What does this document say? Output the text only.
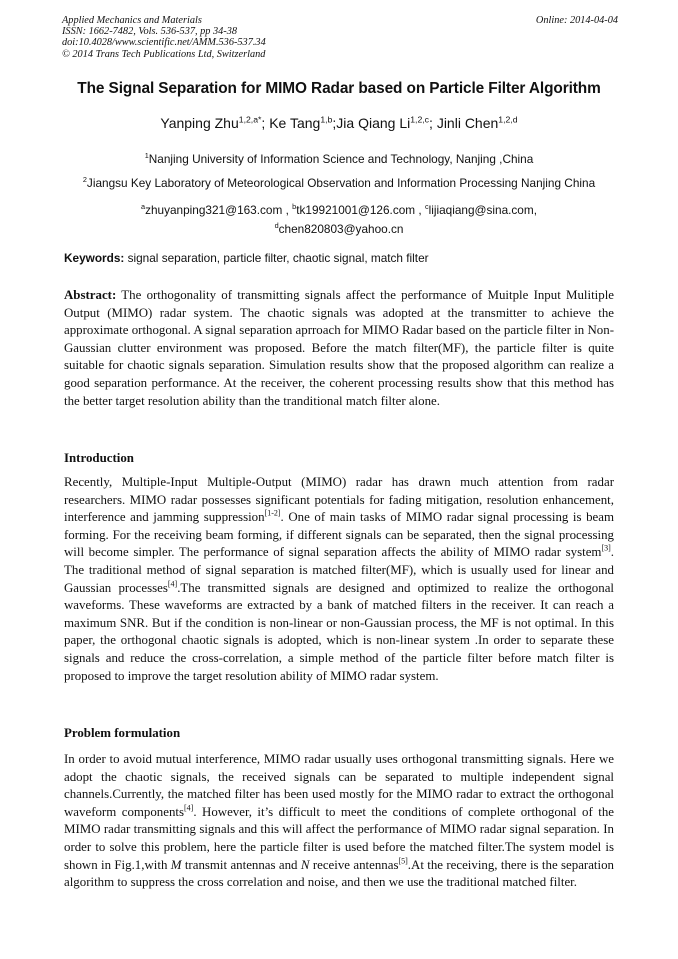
Applied Mechanics and Materials
ISSN: 1662-7482, Vols. 536-537, pp 34-38
doi:10.4028/www.scientific.net/AMM.536-537.34
© 2014 Trans Tech Publications Ltd, Switzerland
Online: 2014-04-04
The Signal Separation for MIMO Radar based on Particle Filter Algorithm
Yanping Zhu$^{1,2,a*}$; Ke Tang$^{1,b}$;Jia Qiang Li$^{1,2,c}$; Jinli Chen$^{1,2,d}$
$^1$Nanjing University of Information Science and Technology, Nanjing ,China
$^2$Jiangsu Key Laboratory of Meteorological Observation and Information Processing Nanjing China
$^a$zhuyanping321@163.com , $^b$tk19921001@126.com , $^c$lijiaqiang@sina.com,
$^d$chen820803@yahoo.cn
Keywords: signal separation, particle filter, chaotic signal, match filter
Abstract: The orthogonality of transmitting signals affect the performance of Muitple Input Mulitiple Output (MIMO) radar system. The chaotic signals was adopted at the transmitter to achieve the approximate orthogonal. A signal separation aprroach for MIMO Radar based on the particle filter in Non-Gaussian clutter environment was proposed. Before the match filter(MF), the particle filter is quite suitable for chaotic signals separation. Simulation results show that the proposed algorithm can realize a good separation performance. At the receiver, the coherent processing results show that this method has the better target resolution ability than the tranditional match filter alone.
Introduction
Recently, Multiple-Input Multiple-Output (MIMO) radar has drawn much attention from radar researchers. MIMO radar possesses significant potentials for fading mitigation, resolution enhancement, interference and jamming suppression[1-2]. One of main tasks of MIMO radar signal processing is beam forming. For the receiving beam forming, if different signals can be separated, then the signal processing will become simpler. The performance of signal separation affects the ability of MIMO radar system[3]. The traditional method of signal separation is matched filter(MF), which is usually used for linear and Gaussian processes[4].The transmitted signals are designed and optimized to realize the orthogonal waveforms. These waveforms are extracted by a bank of matched filters in the receiver. It can reach a maximum SNR. But if the condition is non-linear or non-Gaussian process, the MF is not optimal. In this paper, the orthogonal chaotic signals is adopted, which is non-linear system .In order to separate these signals and reduce the cross-correlation, a simple method of the particle filter before match filter is proposed to improve the target resolution ability of MIMO radar system.
Problem formulation
In order to avoid mutual interference, MIMO radar usually uses orthogonal transmitting signals. Here we adopt the chaotic signals, the received signals can be separated to multiple independent signal channels.Currently, the matched filter has been used mostly for the MIMO radar to extract the orthogonal waveform components[4]. However, it’s difficult to meet the conditions of complete orthogonal of the MIMO radar transmitting signals and this will affect the performance of MIMO radar signal separation. In order to solve this problem, here the particle filter is used before the matched filter.The system model is shown in Fig.1,with M transmit antennas and N receive antennas[5].At the receiving, there is the separation algorithm to suppress the cross correlation and noise, and then we use the traditional matched filter.
